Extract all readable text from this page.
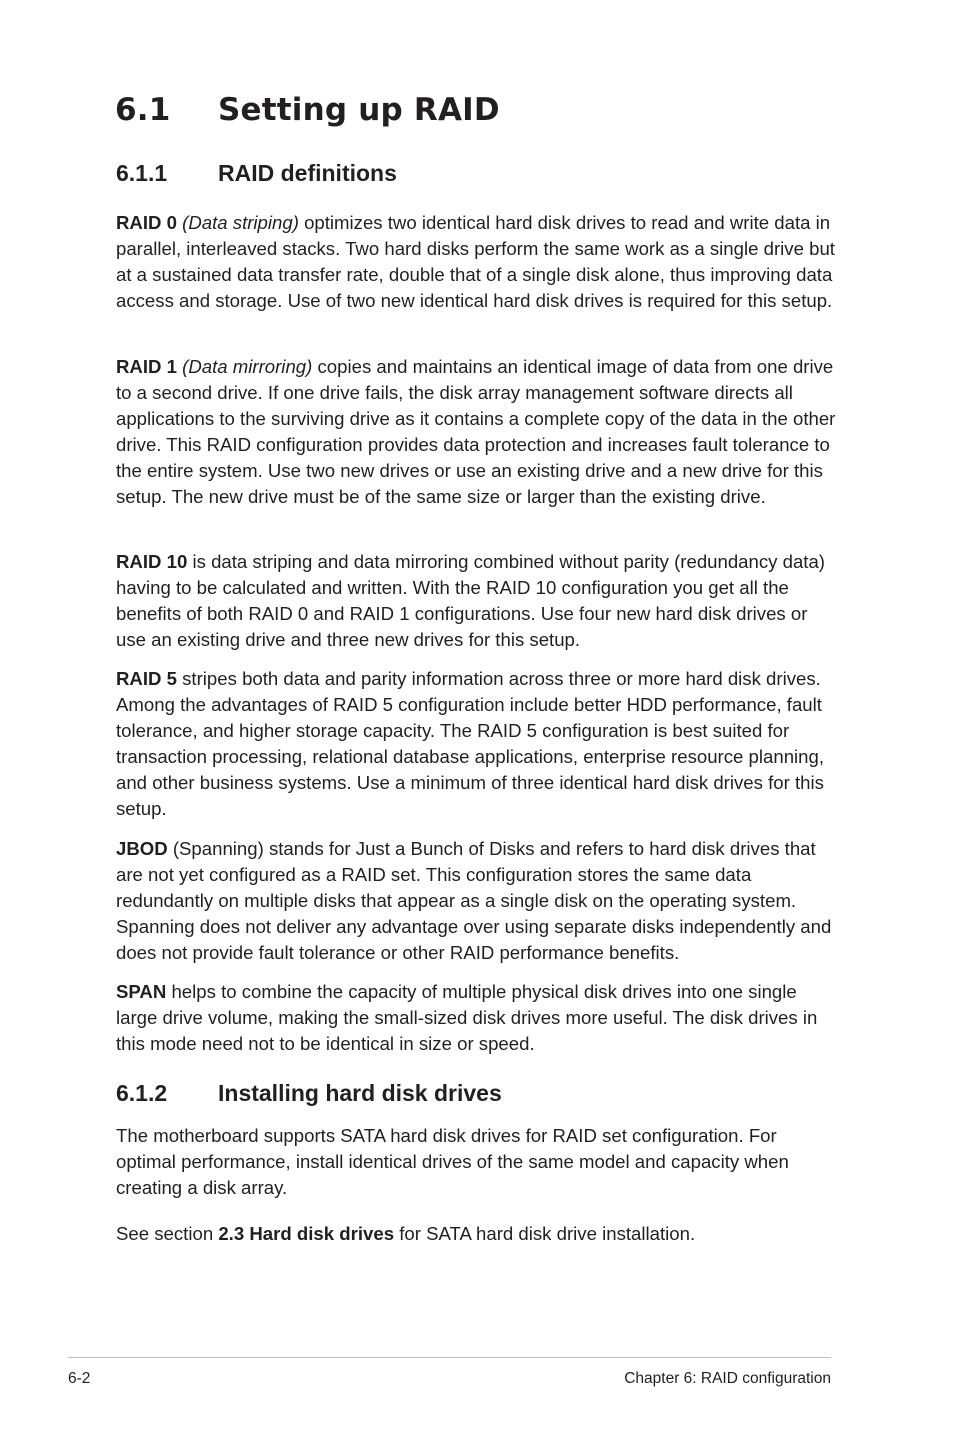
6.1 Setting up RAID
6.1.1 RAID definitions

RAID 0 (Data striping) optimizes two identical hard disk drives to read and write data in parallel, interleaved stacks. Two hard disks perform the same work as a single drive but at a sustained data transfer rate, double that of a single disk alone, thus improving data access and storage. Use of two new identical hard disk drives is required for this setup.

RAID 1 (Data mirroring) copies and maintains an identical image of data from one drive to a second drive. If one drive fails, the disk array management software directs all applications to the surviving drive as it contains a complete copy of the data in the other drive. This RAID configuration provides data protection and increases fault tolerance to the entire system. Use two new drives or use an existing drive and a new drive for this setup. The new drive must be of the same size or larger than the existing drive.

RAID 10 is data striping and data mirroring combined without parity (redundancy data) having to be calculated and written. With the RAID 10 configuration you get all the benefits of both RAID 0 and RAID 1 configurations. Use four new hard disk drives or use an existing drive and three new drives for this setup.

RAID 5 stripes both data and parity information across three or more hard disk drives. Among the advantages of RAID 5 configuration include better HDD performance, fault tolerance, and higher storage capacity. The RAID 5 configuration is best suited for transaction processing, relational database applications, enterprise resource planning, and other business systems. Use a minimum of three identical hard disk drives for this setup.

JBOD (Spanning) stands for Just a Bunch of Disks and refers to hard disk drives that are not yet configured as a RAID set. This configuration stores the same data redundantly on multiple disks that appear as a single disk on the operating system. Spanning does not deliver any advantage over using separate disks independently and does not provide fault tolerance or other RAID performance benefits.

SPAN helps to combine the capacity of multiple physical disk drives into one single large drive volume, making the small-sized disk drives more useful. The disk drives in this mode need not to be identical in size or speed.

6.1.2 Installing hard disk drives

The motherboard supports SATA hard disk drives for RAID set configuration. For optimal performance, install identical drives of the same model and capacity when creating a disk array.

See section 2.3 Hard disk drives for SATA hard disk drive installation.

6-2	Chapter 6: RAID configuration
